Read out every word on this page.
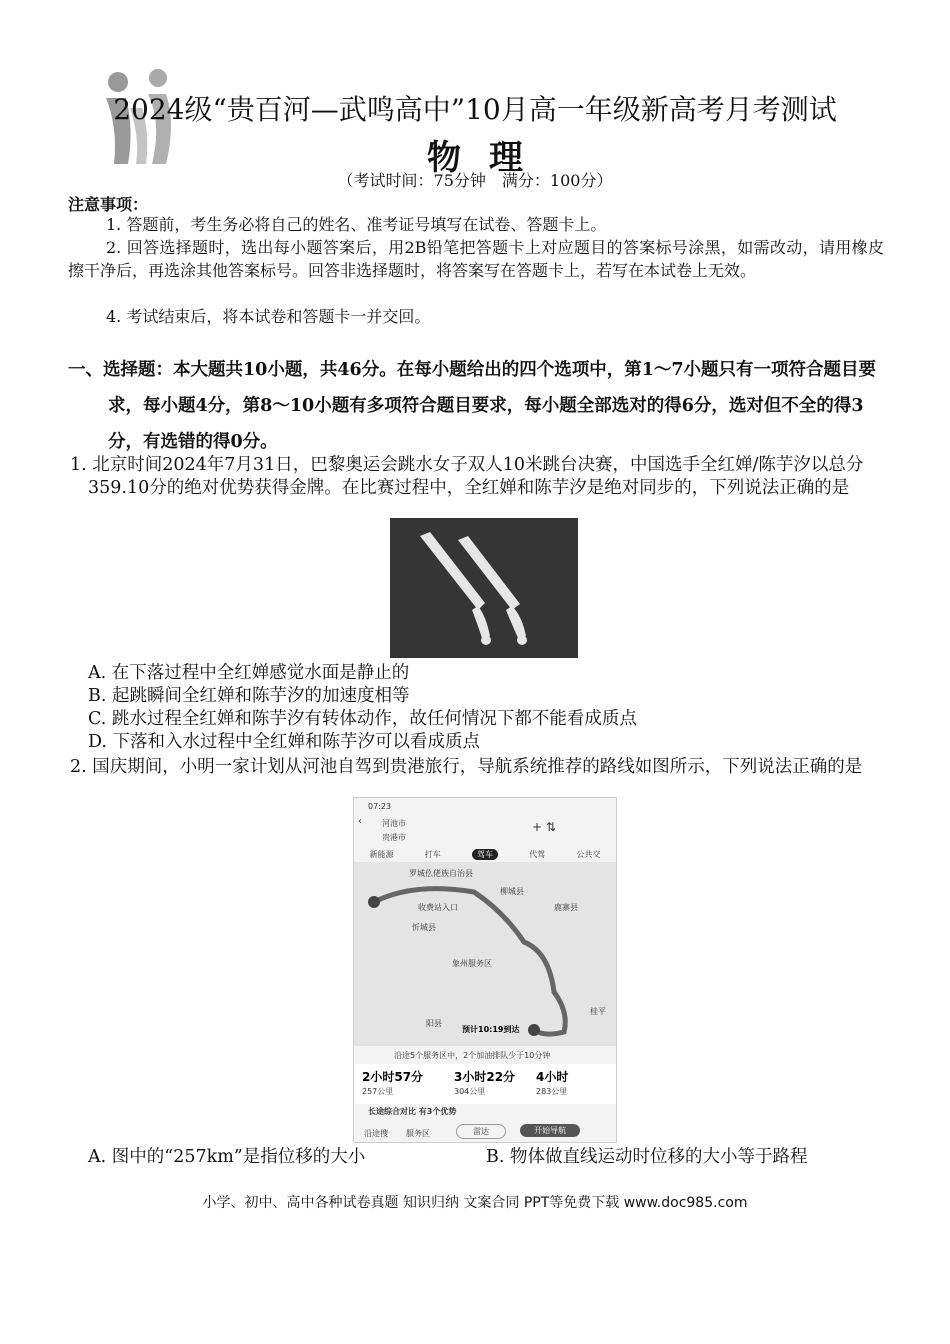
2024级“贵百河—武鸣高中”10月高一年级新高考月考测试
物理
（考试时间：75分钟　满分：100分）
注意事项：
1. 答题前，考生务必将自己的姓名、准考证号填写在试卷、答题卡上。
2. 回答选择题时，选出每小题答案后，用2B铅笔把答题卡上对应题目的答案标号涂黑，如需改动，请用橡皮擦干净后，再选涂其他答案标号。回答非选择题时，将答案写在答题卡上，若写在本试卷上无效。
4. 考试结束后，将本试卷和答题卡一并交回。
一、选择题：本大题共10小题，共46分。在每小题给出的四个选项中，第1～7小题只有一项符合题目要求，每小题4分，第8～10小题有多项符合题目要求，每小题全部选对的得6分，选对但不全的得3分，有选错的得0分。
1. 北京时间2024年7月31日，巴黎奥运会跳水女子双人10米跳台决赛，中国选手全红婵/陈芋汐以总分359.10分的绝对优势获得金牌。在比赛过程中，全红婵和陈芋汐是绝对同步的，下列说法正确的是
A. 在下落过程中全红婵感觉水面是静止的
B. 起跳瞬间全红婵和陈芋汐的加速度相等
C. 跳水过程全红婵和陈芋汐有转体动作，故任何情况下都不能看成质点
D. 下落和入水过程中全红婵和陈芋汐可以看成质点
2. 国庆期间，小明一家计划从河池自驾到贵港旅行，导航系统推荐的路线如图所示，下列说法正确的是
07:23
‹	河池市
贵港市
+ ⇅
新能源	打车	驾车	代驾	公共交
罗城仫佬族自治县
柳城县
鹿寨县
忻城县
收费站入口
象州服务区
阳县
桂平
预计10:19到达
沿途5个服务区中，2个加油排队少于10分钟
2小时57分
257公里
3小时22分
304公里
4小时
283公里
长途综合对比 有3个优势
沿途搜 服务区	雷达	开始导航
A. 图中的“257km”是指位移的大小	B. 物体做直线运动时位移的大小等于路程
小学、初中、高中各种试卷真题 知识归纳 文案合同 PPT等免费下载 www.doc985.com
